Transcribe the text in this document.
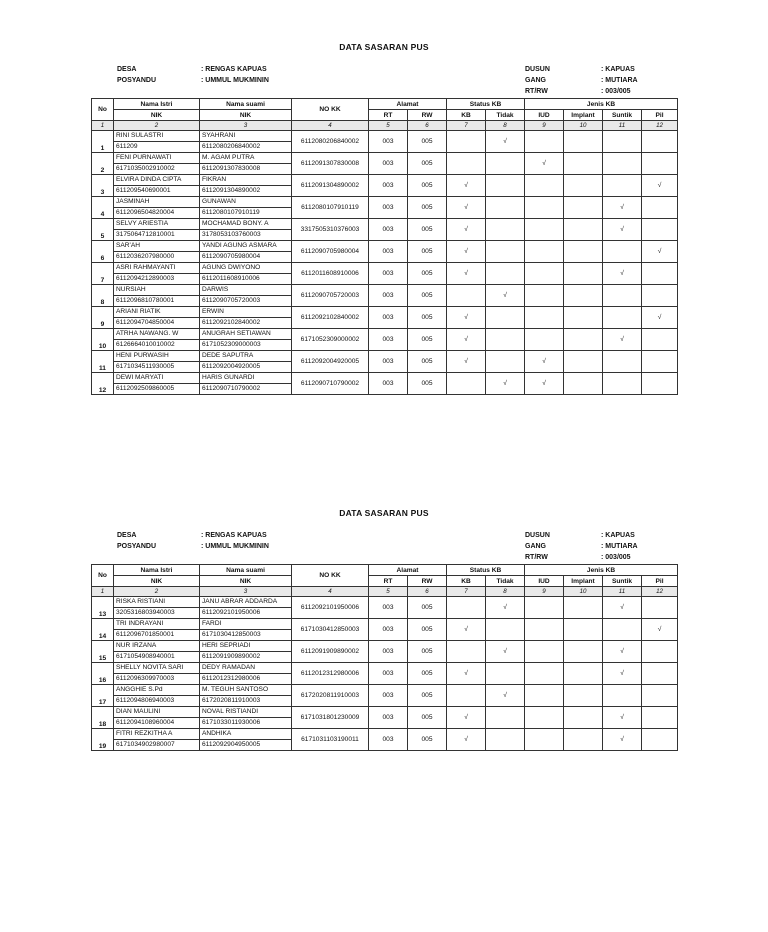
DATA SASARAN PUS
DESA	: RENGAS KAPUAS
POSYANDU	: UMMUL MUKMININ
DUSUN	: KAPUAS
GANG	: MUTIARA
RT/RW	: 003/005
No	Nama Istri	Nama suami	NO KK	Alamat		Status KB		Jenis KB			
	NIK	NIK		RT	RW	KB	Tidak	IUD	Implant	Suntik	Pil
1	2	3	4	5	6	7	8	9	10	11	12
1	RINI SULASTRI	SYAHRANI	6112080206840002	003	005		√				
	611209	6112080206840002									
2	FENI PURNAWATI	M. AGAM PUTRA	6112091307830008	003	005			√			
	6171035002910002	6112091307830008									
3	ELVIRA DINDA CIPTA	FIKRAN	6112091304890002	003	005	√					√
	611209540690001	6112091304890002									
4	JASMINAH	GUNAWAN	6112080107910119	003	005	√				√	
	6112096504820004	6112080107910119									
5	SELVY ARIESTIA	MOCHAMAD BONY. A	3317505310376003	003	005	√				√	
	3175064712810001	3178053103760003									
6	SAR'AH	YANDI AGUNG ASMARA	6112090705980004	003	005	√					√
	6112036207980000	6112090705980004									
7	ASRI RAHMAYANTI	AGUNG DWIYONO	6112011608910006	003	005	√				√	
	6112094212890003	6112011608910006									
8	NURSIAH	DARWIS	6112090705720003	003	005		√				
	6112096810780001	6112090705720003									
9	ARIANI RIATIK	ERWIN	6112092102840002	003	005	√					√
	6112094704850004	6112092102840002									
10	ATRHA NAWANG. W	ANUGRAH SETIAWAN	6171052309000002	003	005	√				√	
	6126664010010002	6171052309000003									
11	HENI PURWASIH	DEDE SAPUTRA	6112092004920005	003	005	√		√			
	6171034511930005	6112092004920005									
12	DEWI MARYATI	HARIS GUNARDI	6112090710790002	003	005		√	√			
	6112092509860005	6112090710790002									
DATA SASARAN PUS
DESA	: RENGAS KAPUAS
POSYANDU	: UMMUL MUKMININ
DUSUN	: KAPUAS
GANG	: MUTIARA
RT/RW	: 003/005
No	Nama Istri	Nama suami	NO KK	Alamat		Status KB		Jenis KB			
	NIK	NIK		RT	RW	KB	Tidak	IUD	Implant	Suntik	Pil
1	2	3	4	5	6	7	8	9	10	11	12
13	RISKA RISTIANI	JANU ABRAR ADDARDA	6112092101950006	003	005		√			√	
	3205316803940003	6112092101950006									
14	TRI INDRAYANI	FARDI	6171030412850003	003	005	√					√
	6112096701850001	6171030412850003									
15	NUR IRZANA	HERI SEPRIADI	6112091909890002	003	005		√			√	
	6171054908940001	6112091909890002									
16	SHELLY NOVITA SARI	DEDY RAMADAN	6112012312980006	003	005	√				√	
	6112096309970003	6112012312980006									
17	ANGGHIE S.Pd	M. TEGUH SANTOSO	6172020811910003	003	005		√				
	6112094806940003	6172020811910003									
18	DIAN MAULINI	NOVAL RISTIANDI	6171031801230009	003	005	√				√	
	6112094108960004	6171033011930006									
19	FITRI REZKITHA A	ANDHIKA	6171031103190011	003	005	√				√	
	6171034902980007	6112092904950005									
